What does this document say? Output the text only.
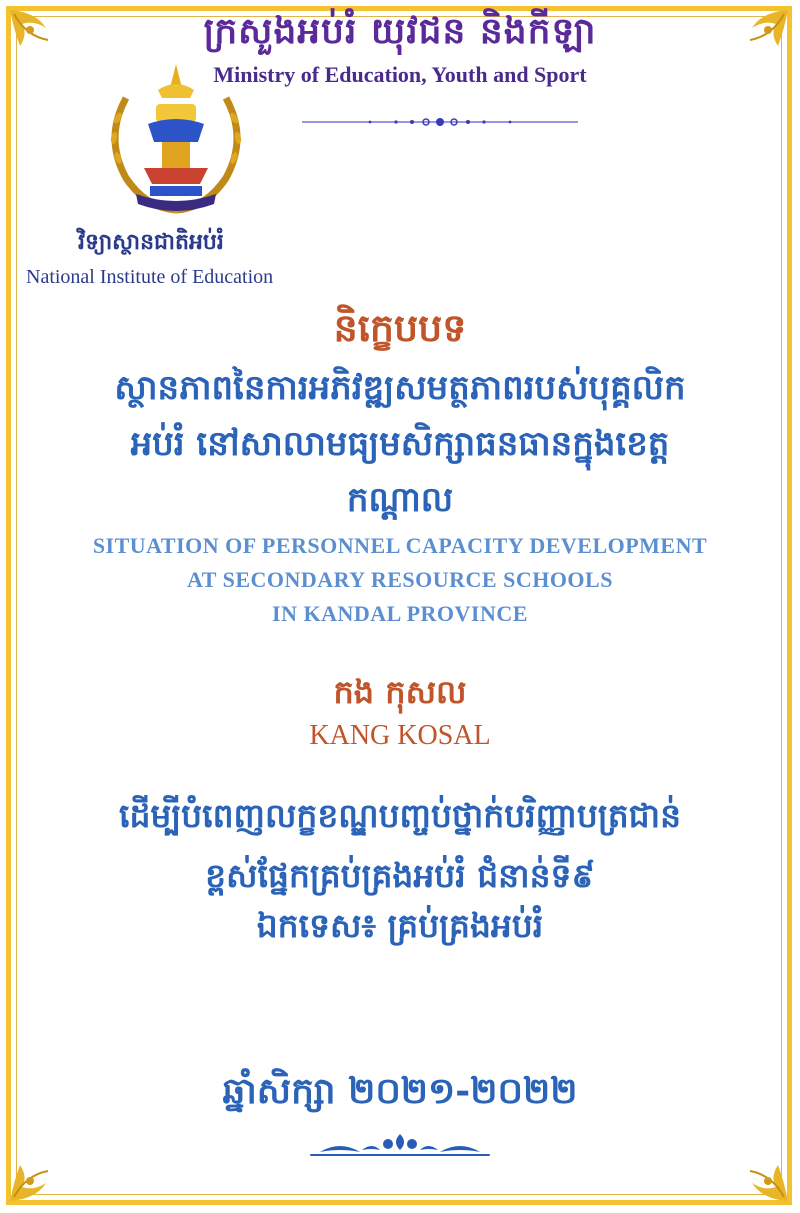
ក្រសួងអប់រំ យុវជន និងកីឡា
Ministry of Education, Youth and Sport
វិទ្យាស្ថានជាតិអប់រំ
National Institute of Education
និក្ខេបបទ
ស្ថានភាពនៃការអភិវឌ្ឍសមត្ថភាពរបស់បុគ្គលិក
អប់រំ នៅសាលាមធ្យមសិក្សាធនធានក្នុងខេត្ត
កណ្ដាល
SITUATION OF PERSONNEL CAPACITY DEVELOPMENT
AT SECONDARY RESOURCE SCHOOLS
IN KANDAL PROVINCE
កង កុសល
KANG KOSAL
ដើម្បីបំពេញលក្ខខណ្ឌបញ្ចប់ថ្នាក់បរិញ្ញាបត្រជាន់
ខ្ពស់ផ្នែកគ្រប់គ្រងអប់រំ ជំនាន់ទី៩
ឯកទេស៖ គ្រប់គ្រងអប់រំ
ឆ្នាំសិក្សា ២០២១-២០២២
